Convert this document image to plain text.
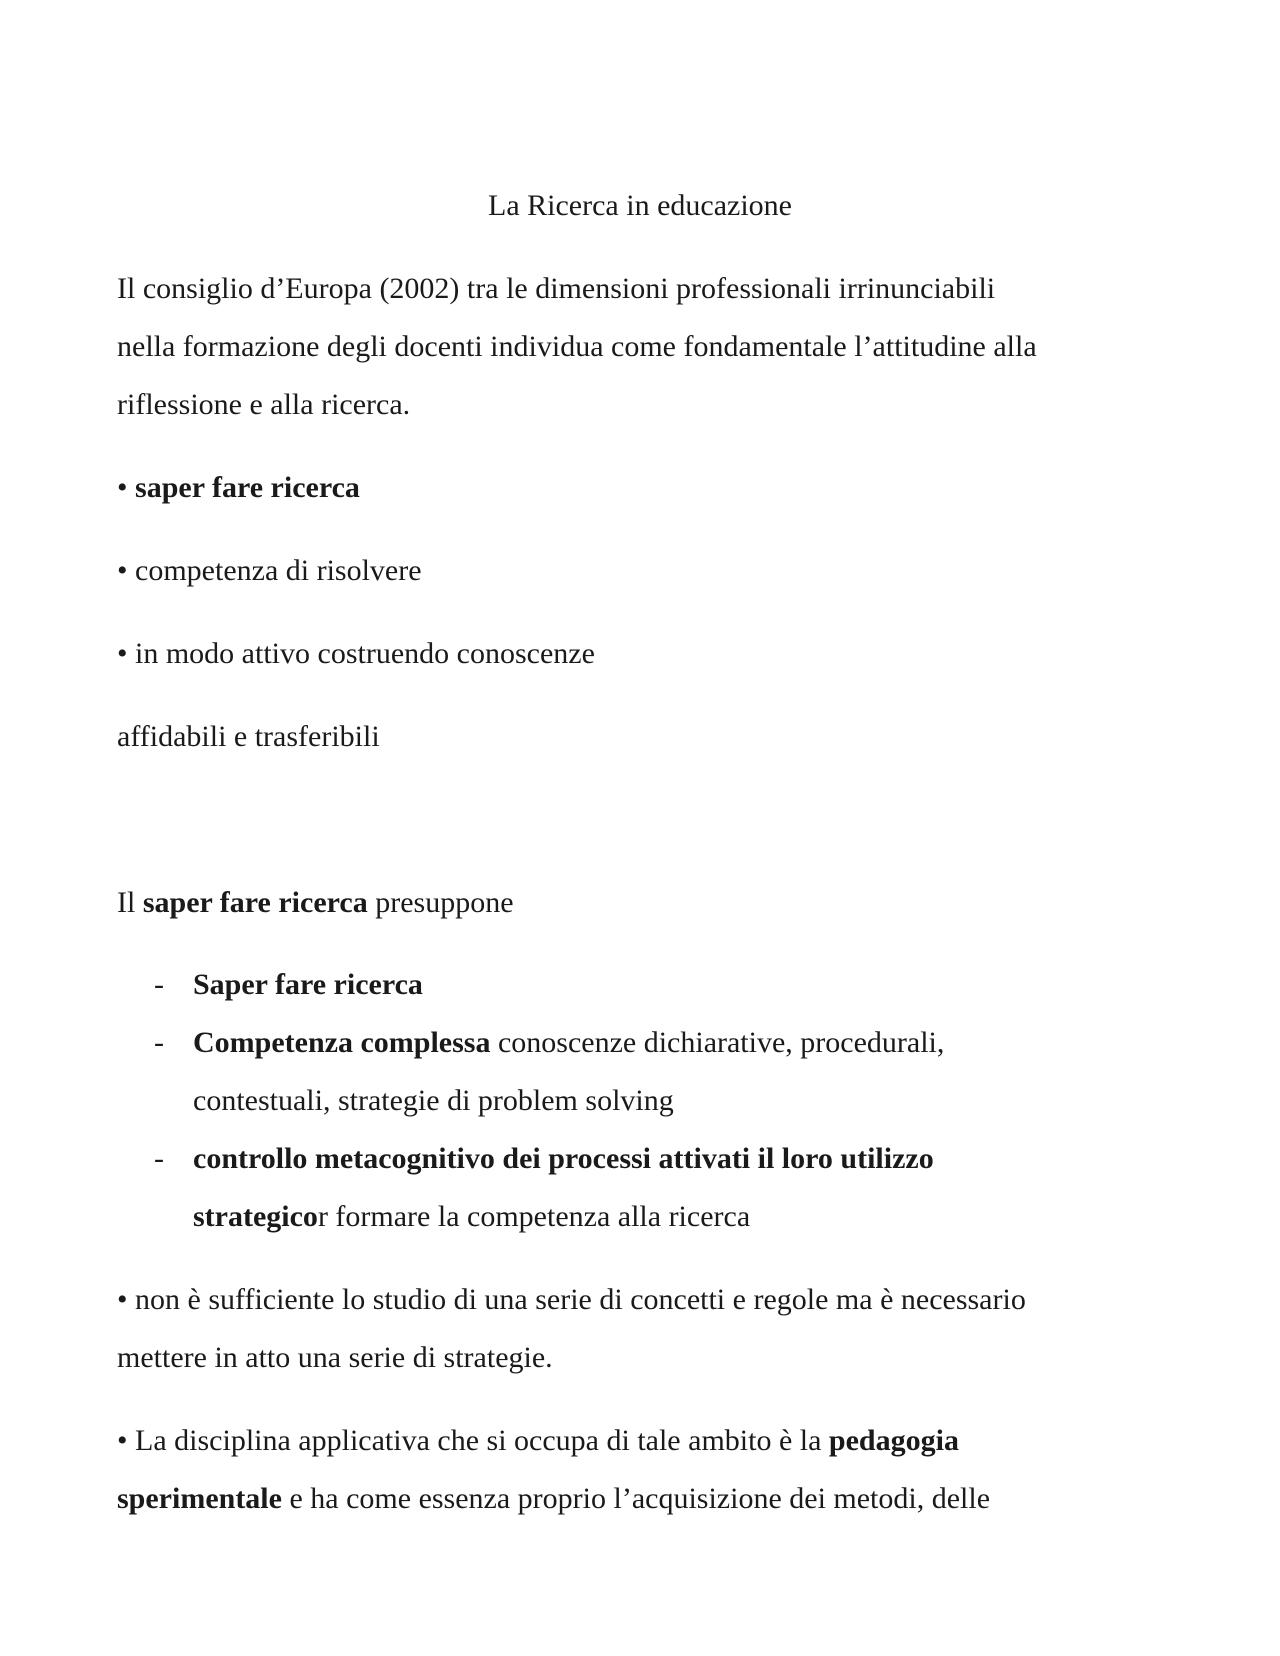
La Ricerca in educazione
Il consiglio d’Europa (2002) tra le dimensioni professionali irrinunciabili
nella formazione degli docenti individua come fondamentale l’attitudine alla
riflessione e alla ricerca.
• saper fare ricerca
• competenza di risolvere
• in modo attivo costruendo conoscenze
affidabili e trasferibili
Il saper fare ricerca presuppone
- Saper fare ricerca
- Competenza complessa conoscenze dichiarative, procedurali,
contestuali, strategie di problem solving
- controllo metacognitivo dei processi attivati il loro utilizzo
strategicor formare la competenza alla ricerca
• non è sufficiente lo studio di una serie di concetti e regole ma è necessario
mettere in atto una serie di strategie.
• La disciplina applicativa che si occupa di tale ambito è la pedagogia
sperimentale e ha come essenza proprio l’acquisizione dei metodi, delle
